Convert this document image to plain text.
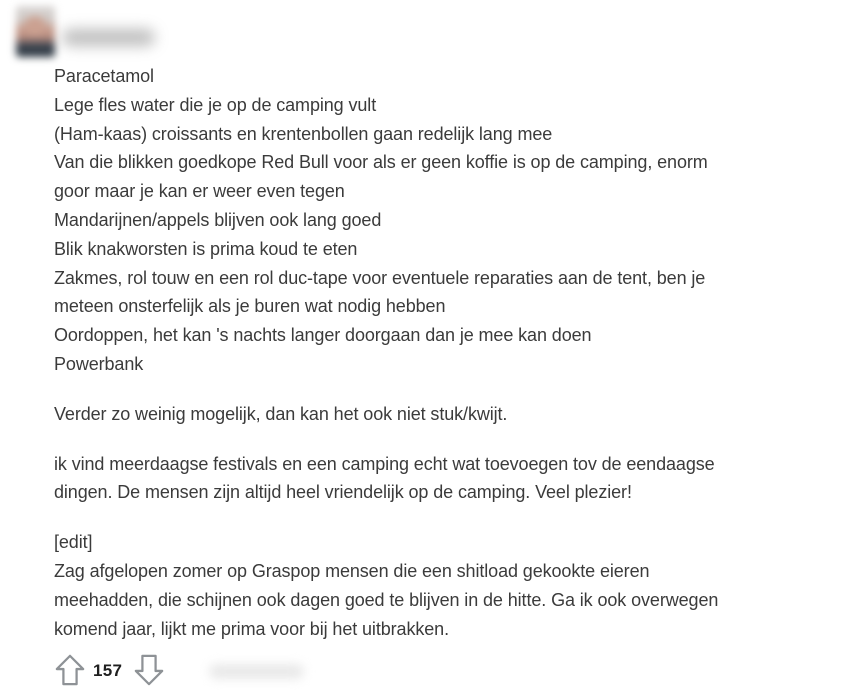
Paracetamol
Lege fles water die je op de camping vult
(Ham-kaas) croissants en krentenbollen gaan redelijk lang mee
Van die blikken goedkope Red Bull voor als er geen koffie is op de camping, enorm
goor maar je kan er weer even tegen
Mandarijnen/appels blijven ook lang goed
Blik knakworsten is prima koud te eten
Zakmes, rol touw en een rol duc-tape voor eventuele reparaties aan de tent, ben je
meteen onsterfelijk als je buren wat nodig hebben
Oordoppen, het kan 's nachts langer doorgaan dan je mee kan doen
Powerbank
Verder zo weinig mogelijk, dan kan het ook niet stuk/kwijt.
ik vind meerdaagse festivals en een camping echt wat toevoegen tov de eendaagse
dingen. De mensen zijn altijd heel vriendelijk op de camping. Veel plezier!
[edit]
Zag afgelopen zomer op Graspop mensen die een shitload gekookte eieren
meehadden, die schijnen ook dagen goed te blijven in de hitte. Ga ik ook overwegen
komend jaar, lijkt me prima voor bij het uitbrakken.
157
